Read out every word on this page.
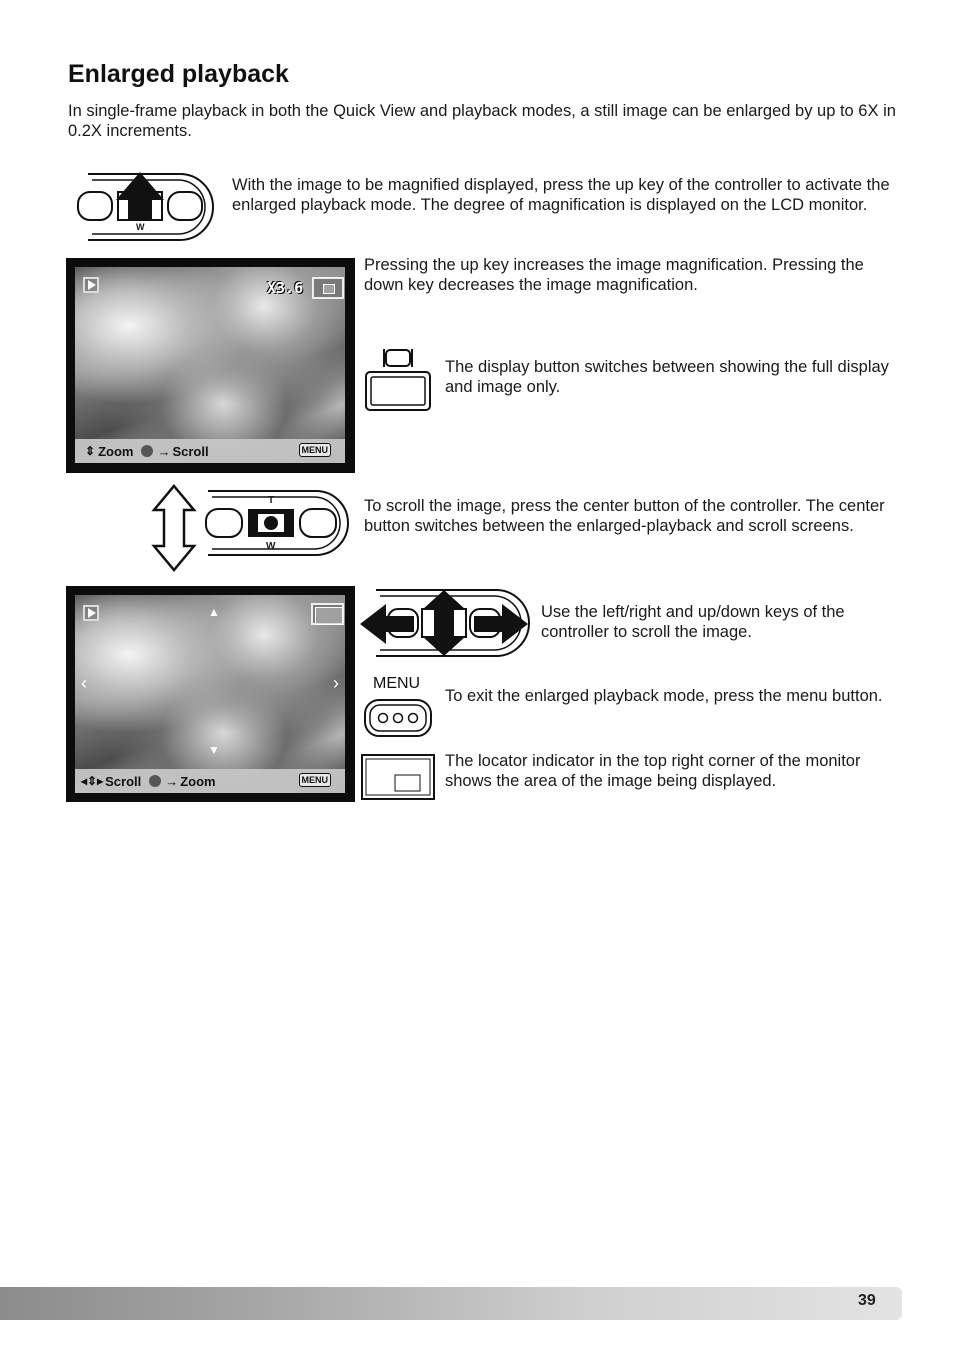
Enlarged playback

In single-frame playback in both the Quick View and playback modes, a still image can be enlarged by up to 6X in 0.2X increments.

W

With the image to be magnified displayed, press the up key of the controller to activate the enlarged playback mode. The degree of magnification is displayed on the LCD monitor.

X3.6
⇕ Zoom → Scroll	MENU

Pressing the up key increases the image magnification. Pressing the down key decreases the image magnification.

The display button switches between showing the full display and image only.

T
W

To scroll the image, press the center button of the controller. The center button switches between the enlarged-playback and scroll screens.

▲
▼
‹	›
◂⇕▸ Scroll → Zoom	MENU

Use the left/right and up/down keys of the controller to scroll the image.

MENU

To exit the enlarged playback mode, press the menu button.

The locator indicator in the top right corner of the monitor shows the area of the image being displayed.

39
